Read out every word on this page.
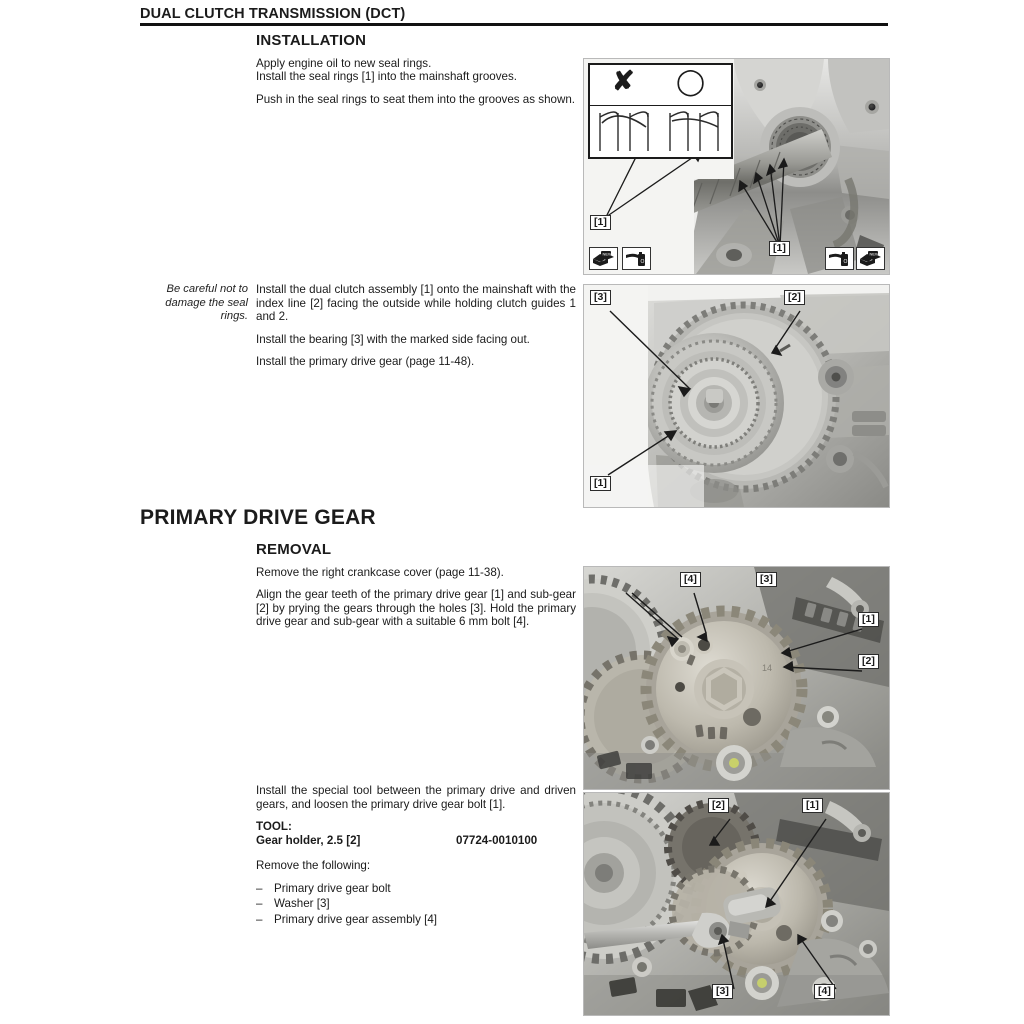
DUAL CLUTCH TRANSMISSION (DCT)
INSTALLATION

Apply engine oil to new seal rings.

Install the seal rings [1] into the mainshaft grooves.

Push in the seal rings to seat them into the grooves as shown.

Be careful not to damage the seal rings.

Install the dual clutch assembly [1] onto the mainshaft with the index line [2] facing the outside while holding clutch guides 1 and 2.

Install the bearing [3] with the marked side facing out.

Install the primary drive gear (page 11-48).

PRIMARY DRIVE GEAR
REMOVAL

Remove the right crankcase cover (page 11-38).

Align the gear teeth of the primary drive gear [1] and sub-gear [2] by prying the gears through the holes [3]. Hold the primary drive gear and sub-gear with a suitable 6 mm bolt [4].

Install the special tool between the primary drive and driven gears, and loosen the primary drive gear bolt [1].

TOOL:
Gear holder, 2.5 [2]	07724-0010100

Remove the following:

– Primary drive gear bolt
– Washer [3]
– Primary drive gear assembly [4]
✘ ◯
[1]
[1]
NEW
O	O
NEW
[3]	[2]
[1]
14
[4]	[3]
[1]
[2]
[2]	[1]
[3]	[4]
